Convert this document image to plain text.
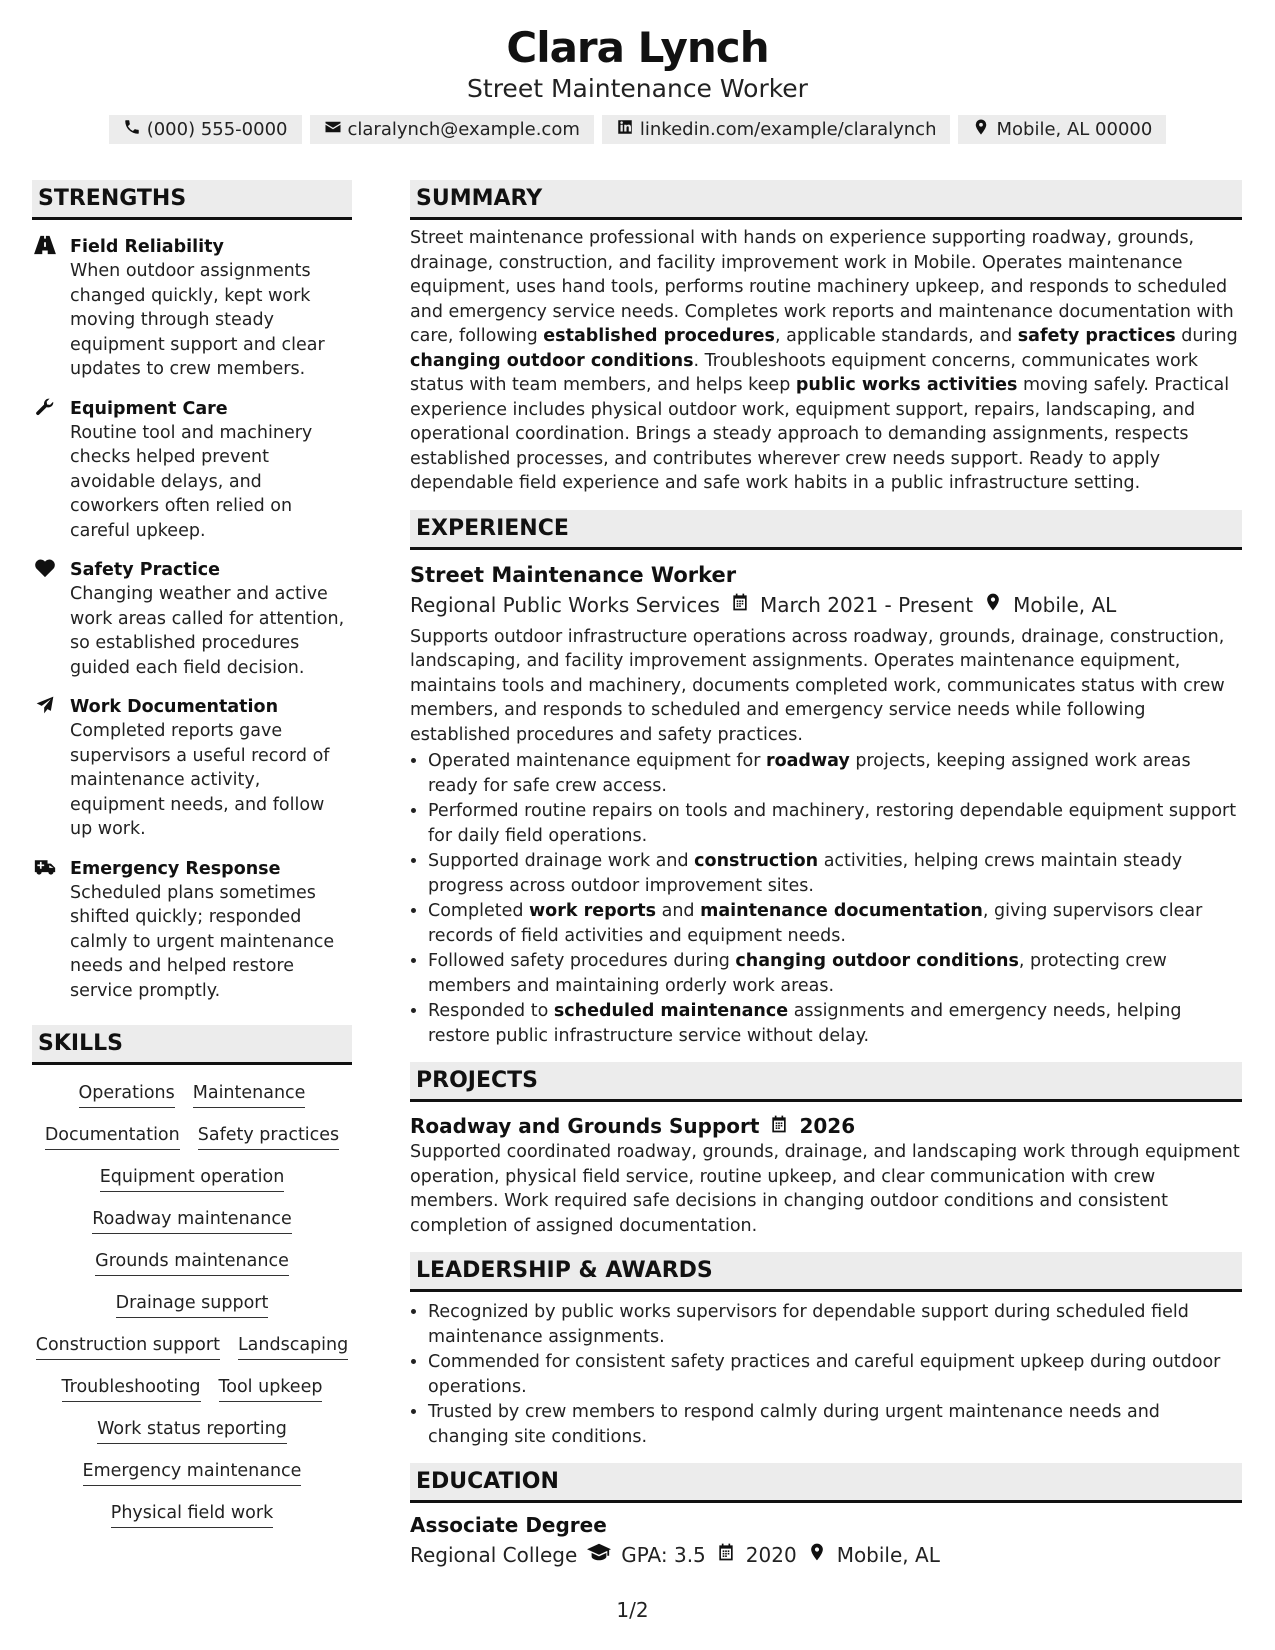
Clara Lynch
Street Maintenance Worker
(000) 555-0000	claralynch@example.com	linkedin.com/example/claralynch	Mobile, AL 00000
STRENGTHS
Field Reliability
When outdoor assignments changed quickly, kept work moving through steady equipment support and clear updates to crew members.
Equipment Care
Routine tool and machinery checks helped prevent avoidable delays, and coworkers often relied on careful upkeep.
Safety Practice
Changing weather and active work areas called for attention, so established procedures guided each field decision.
Work Documentation
Completed reports gave supervisors a useful record of maintenance activity, equipment needs, and follow up work.
Emergency Response
Scheduled plans sometimes shifted quickly; responded calmly to urgent maintenance needs and helped restore service promptly.
SKILLS
Operations Maintenance
Documentation Safety practices
Equipment operation
Roadway maintenance
Grounds maintenance
Drainage support
Construction support Landscaping
Troubleshooting Tool upkeep
Work status reporting
Emergency maintenance
Physical field work
SUMMARY
Street maintenance professional with hands on experience supporting roadway, grounds, drainage, construction, and facility improvement work in Mobile. Operates maintenance equipment, uses hand tools, performs routine machinery upkeep, and responds to scheduled and emergency service needs. Completes work reports and maintenance documentation with care, following established procedures, applicable standards, and safety practices during changing outdoor conditions. Troubleshoots equipment concerns, communicates work status with team members, and helps keep public works activities moving safely. Practical experience includes physical outdoor work, equipment support, repairs, landscaping, and operational coordination. Brings a steady approach to demanding assignments, respects established processes, and contributes wherever crew needs support. Ready to apply dependable field experience and safe work habits in a public infrastructure setting.
EXPERIENCE
Street Maintenance Worker
Regional Public Works Services March 2021 - Present Mobile, AL
Supports outdoor infrastructure operations across roadway, grounds, drainage, construction, landscaping, and facility improvement assignments. Operates maintenance equipment, maintains tools and machinery, documents completed work, communicates status with crew members, and responds to scheduled and emergency service needs while following established procedures and safety practices.
• Operated maintenance equipment for roadway projects, keeping assigned work areas ready for safe crew access.
• Performed routine repairs on tools and machinery, restoring dependable equipment support for daily field operations.
• Supported drainage work and construction activities, helping crews maintain steady progress across outdoor improvement sites.
• Completed work reports and maintenance documentation, giving supervisors clear records of field activities and equipment needs.
• Followed safety procedures during changing outdoor conditions, protecting crew members and maintaining orderly work areas.
• Responded to scheduled maintenance assignments and emergency needs, helping restore public infrastructure service without delay.
PROJECTS
Roadway and Grounds Support 2026
Supported coordinated roadway, grounds, drainage, and landscaping work through equipment operation, physical field service, routine upkeep, and clear communication with crew members. Work required safe decisions in changing outdoor conditions and consistent completion of assigned documentation.
LEADERSHIP & AWARDS
• Recognized by public works supervisors for dependable support during scheduled field maintenance assignments.
• Commended for consistent safety practices and careful equipment upkeep during outdoor operations.
• Trusted by crew members to respond calmly during urgent maintenance needs and changing site conditions.
EDUCATION
Associate Degree
Regional College GPA: 3.5 2020 Mobile, AL
1/2
